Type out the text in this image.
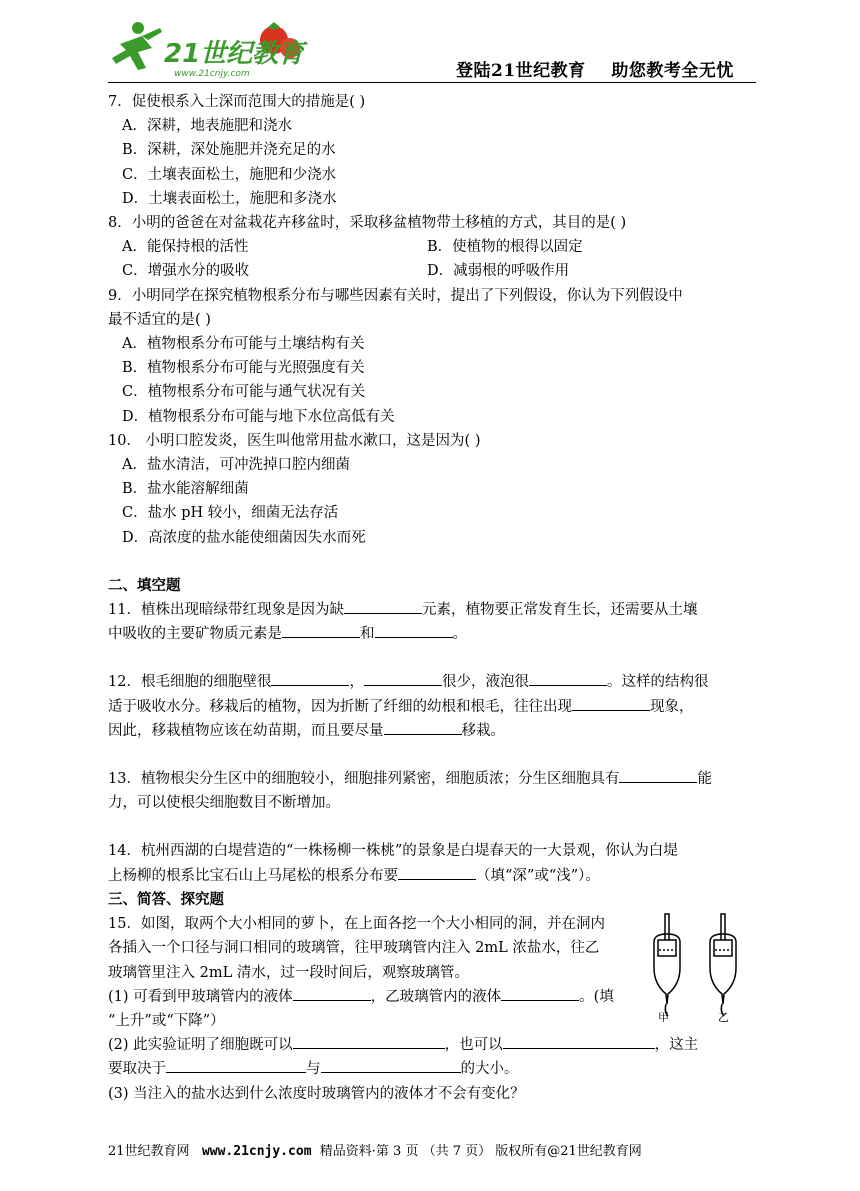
21世纪教育
www.21cnjy.com	登陆21世纪教育    助您教考全无忧

7．促使根系入土深而范围大的措施是( )

A．深耕，地表施肥和浇水
B．深耕，深处施肥并浇充足的水
C．土壤表面松土，施肥和少浇水
D．土壤表面松土，施肥和多浇水

8．小明的爸爸在对盆栽花卉移盆时，采取移盆植物带土移植的方式，其目的是( )

A．能保持根的活性	B．使植物的根得以固定
C．增强水分的吸收	D．减弱根的呼吸作用

9．小明同学在探究植物根系分布与哪些因素有关时，提出了下列假设，你认为下列假设中

最不适宜的是( )

A．植物根系分布可能与土壤结构有关
B．植物根系分布可能与光照强度有关
C．植物根系分布可能与通气状况有关
D．植物根系分布可能与地下水位高低有关

10． 小明口腔发炎，医生叫他常用盐水漱口，这是因为( )

A．盐水清洁，可冲洗掉口腔内细菌
B．盐水能溶解细菌
C．盐水 pH 较小，细菌无法存活
D．高浓度的盐水能使细菌因失水而死

二、填空题

11．植株出现暗绿带红现象是因为缺	元素，植物要正常发育生长，还需要从土壤

中吸收的主要矿物质元素是	和	。

12．根毛细胞的细胞壁很	，	很少，液泡很	。这样的结构很

适于吸收水分。移栽后的植物，因为折断了纤细的幼根和根毛，往往出现	现象，

因此，移栽植物应该在幼苗期，而且要尽量	移栽。

13．植物根尖分生区中的细胞较小，细胞排列紧密，细胞质浓；分生区细胞具有	能

力，可以使根尖细胞数目不断增加。

14．杭州西湖的白堤营造的“一株杨柳一株桃”的景象是白堤春天的一大景观，你认为白堤

上杨柳的根系比宝石山上马尾松的根系分布要	（填“深”或“浅”）。

三、简答、探究题

甲	乙

15．如图，取两个大小相同的萝卜，在上面各挖一个大小相同的洞，并在洞内

各插入一个口径与洞口相同的玻璃管，往甲玻璃管内注入 2mL 浓盐水，往乙

玻璃管里注入 2mL 清水，过一段时间后，观察玻璃管。

(1) 可看到甲玻璃管内的液体	，乙玻璃管内的液体	。(填

“上升”或“下降”）

(2) 此实验证明了细胞既可以	，也可以	，这主

要取决于	与	的大小。

(3) 当注入的盐水达到什么浓度时玻璃管内的液体才不会有变化？

21世纪教育网 www.21cnjy.com 精品资料·第 3 页 （共 7 页） 版权所有@21世纪教育网
